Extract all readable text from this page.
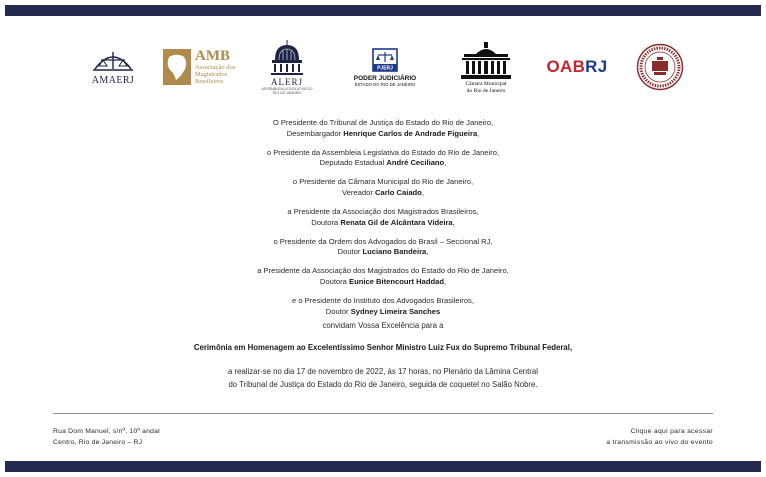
AMAERJ
AMB
Associação dos
Magistrados
Brasileiros	ALERJ
ASSEMBLEIA LEGISLATIVA DO RIO DE JANEIRO
PJERJ
PODER JUDICIÁRIO
ESTADO DO RIO DE JANEIRO	Câmara Municipal
do Rio de Janeiro
OABRJ
O Presidente do Tribunal de Justiça do Estado do Rio de Janeiro,
Desembargador Henrique Carlos de Andrade Figueira,
o Presidente da Assembleia Legislativa do Estado do Rio de Janeiro,
Deputado Estadual André Ceciliano,
o Presidente da Câmara Municipal do Rio de Janeiro,
Vereador Carlo Caiado,
a Presidente da Associação dos Magistrados Brasileiros,
Doutora Renata Gil de Alcântara Videira,
o Presidente da Ordem dos Advogados do Brasil – Seccional RJ,
Doutor Luciano Bandeira,
a Presidente da Associação dos Magistrados do Estado do Rio de Janeiro,
Doutora Eunice Bitencourt Haddad,
e o Presidente do Instituto dos Advogados Brasileiros,
Doutor Sydney Limeira Sanches
convidam Vossa Excelência para a
Cerimônia em Homenagem ao Excelentíssimo Senhor Ministro Luiz Fux do Supremo Tribunal Federal,
a realizar-se no dia 17 de novembro de 2022, às 17 horas, no Plenário da Lâmina Central
do Tribunal de Justiça do Estado do Rio de Janeiro, seguida de coquetel no Salão Nobre.
Rua Dom Manuel, s/nº, 10º andar
Centro, Rio de Janeiro – RJ
Clique aqui para acessar
a transmissão ao vivo do evento
